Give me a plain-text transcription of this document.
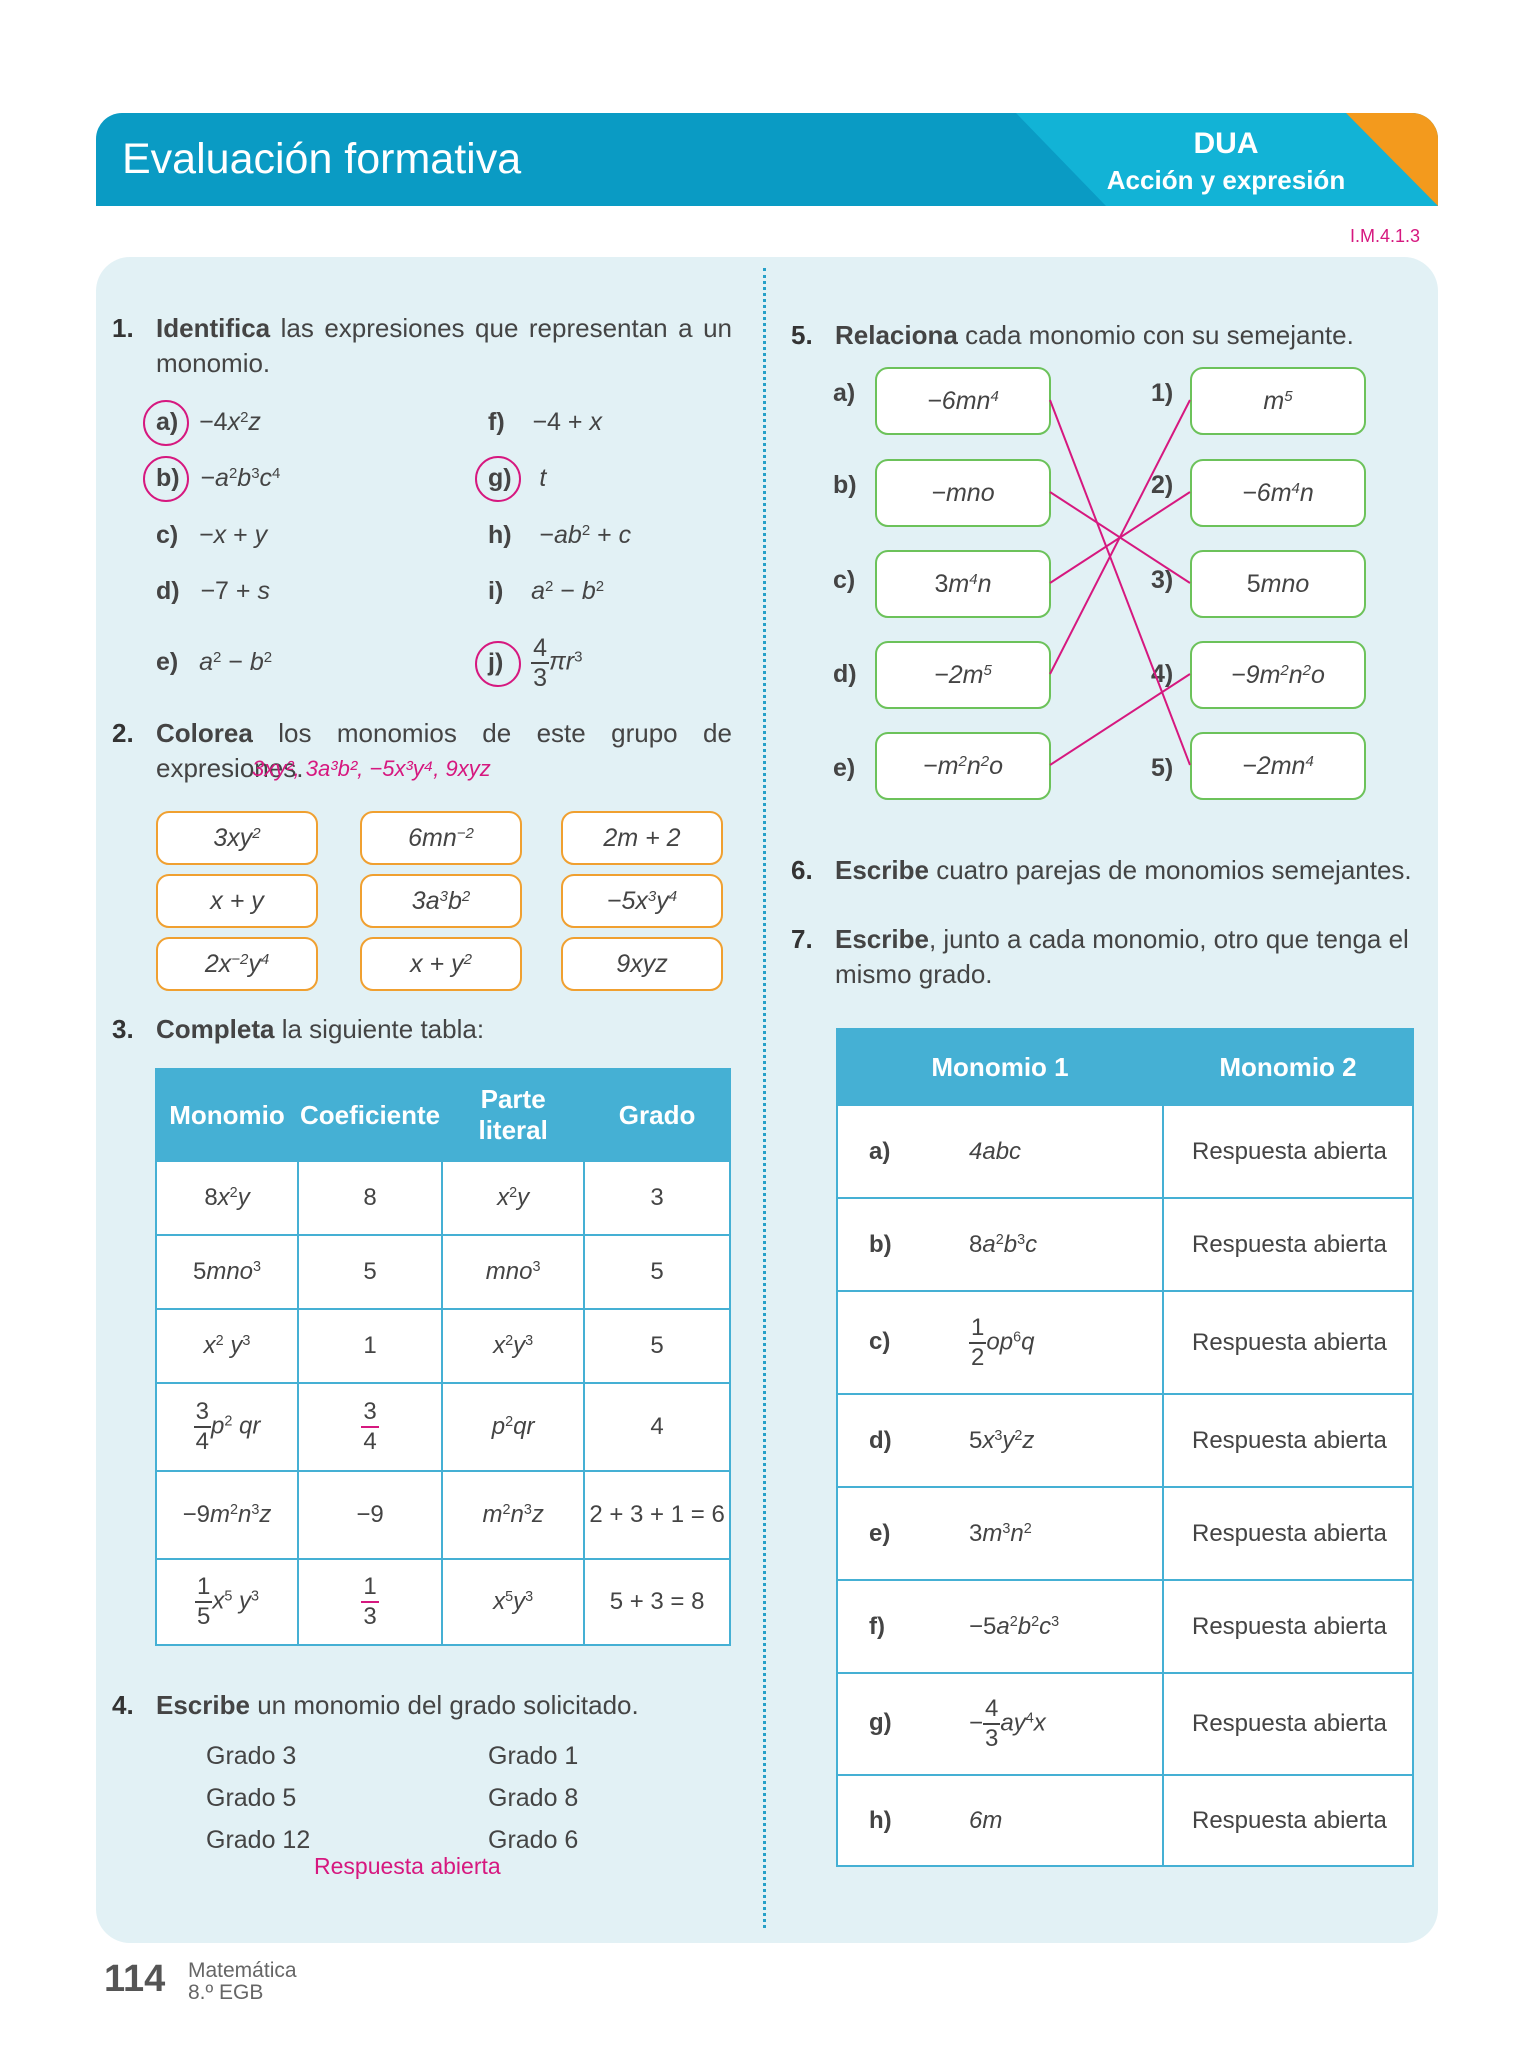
Evaluación formativa	DUA
Acción y expresión
I.M.4.1.3
1. Identifica las expresiones que representan a un monomio.
$a) -4x^2z$
$b) -a^2b^3c^4$
c)   −x + y
d)   −7 + s
e) $a^2 - b^2$
f)    −4 + x
g) t
h)    $-ab^2 + c$
i) $a^2 - b^2$
$j) \frac{4}{3} \pi r^3$
2. Colorea los monomios de este grupo de expresiones.
3xy², 3a³b², −5x³y⁴, 9xyz
$3xy^2$	$6mn^{-2}$	2m + 2
x + y	$3a^3b^2$	$-5x^3y^4$
$2x^{-2}y^4$	$x + y^2$	9xyz
3. Completa la siguiente tabla:
Monomio	Coeficiente	Parte literal	Grado
$8x^2y$	8	$x^2y$	3
5mno$^3$	5	mno$^3$	5
$x^2$ $y^3$	1	$x^2y^3$	5

$\frac{3}{4} p^2$ qr	$\frac{3}{4}$	$p^2qr$	4
$-9m^2n^3z$	−9	$m^2n^3z$	2 + 3 + 1 = 6

$\frac{1}{5} x^5$ $y^3$	$\frac{1}{3}$	$x^5y^3$	5 + 3 = 8
4. Escribe un monomio del grado solicitado.
Grado 3
Grado 5
Grado 12
Grado 1
Grado 8
Grado 6
Respuesta abierta
5. Relaciona cada monomio con su semejante.
a)
b)
c)
d)
e)
$-6mn^4$
−mno
$3m^4n$
$-2m^5$
$-m^2n^2o$
1)
2)
3)
4)
5)
$m^5$
$-6m^4n$
5mno
$-9m^2n^2o$
$-2mn^4$
6. Escribe cuatro parejas de monomios semejantes.
7. Escribe, junto a cada monomio, otro que tenga el mismo grado.
Monomio 1	Monomio 2
a) 4abc	Respuesta abierta
b) $8a^2b^3c$	Respuesta abierta
$c) \frac{1}{2} op^6q$	Respuesta abierta
d) $5x^3y^2z$	Respuesta abierta
e) $3m^3n^2$	Respuesta abierta
$f) -5a^2b^2c^3$	Respuesta abierta
$g) - \frac{4}{3} ay^4x$	Respuesta abierta
h) 6m	Respuesta abierta
114 Matemática
8.º EGB
